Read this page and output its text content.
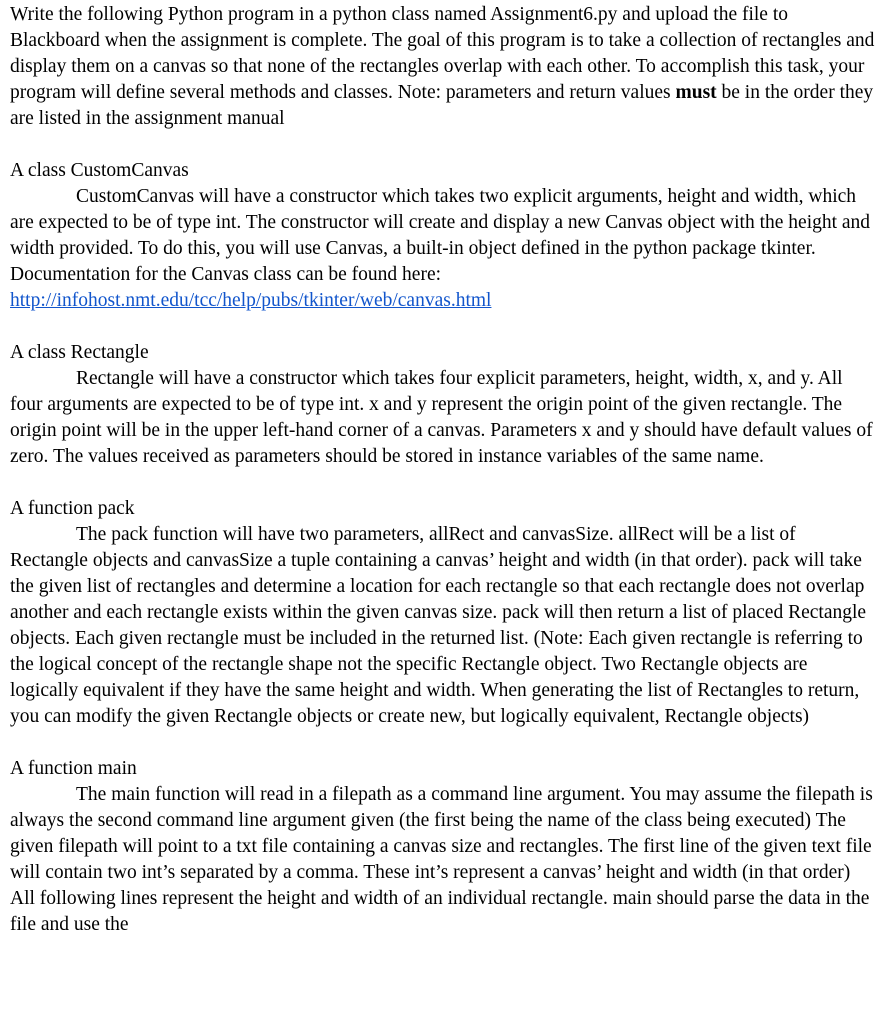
Write the following Python program in a python class named Assignment6.py and upload the file to Blackboard when the assignment is complete. The goal of this program is to take a collection of rectangles and display them on a canvas so that none of the rectangles overlap with each other. To accomplish this task, your program will define several methods and classes. Note: parameters and return values must be in the order they are listed in the assignment manual

A class CustomCanvas

CustomCanvas will have a constructor which takes two explicit arguments, height and width, which are expected to be of type int. The constructor will create and display a new Canvas object with the height and width provided. To do this, you will use Canvas, a built-in object defined in the python package tkinter. Documentation for the Canvas class can be found here: http://infohost.nmt.edu/tcc/help/pubs/tkinter/web/canvas.html

A class Rectangle

Rectangle will have a constructor which takes four explicit parameters, height, width, x, and y. All four arguments are expected to be of type int. x and y represent the origin point of the given rectangle. The origin point will be in the upper left-hand corner of a canvas. Parameters x and y should have default values of zero. The values received as parameters should be stored in instance variables of the same name.

A function pack

The pack function will have two parameters, allRect and canvasSize. allRect will be a list of Rectangle objects and canvasSize a tuple containing a canvas’ height and width (in that order). pack will take the given list of rectangles and determine a location for each rectangle so that each rectangle does not overlap another and each rectangle exists within the given canvas size. pack will then return a list of placed Rectangle objects. Each given rectangle must be included in the returned list. (Note: Each given rectangle is referring to the logical concept of the rectangle shape not the specific Rectangle object. Two Rectangle objects are logically equivalent if they have the same height and width. When generating the list of Rectangles to return, you can modify the given Rectangle objects or create new, but logically equivalent, Rectangle objects)

A function main

The main function will read in a filepath as a command line argument. You may assume the filepath is always the second command line argument given (the first being the name of the class being executed) The given filepath will point to a txt file containing a canvas size and rectangles. The first line of the given text file will contain two int’s separated by a comma. These int’s represent a canvas’ height and width (in that order) All following lines represent the height and width of an individual rectangle. main should parse the data in the file and use the
